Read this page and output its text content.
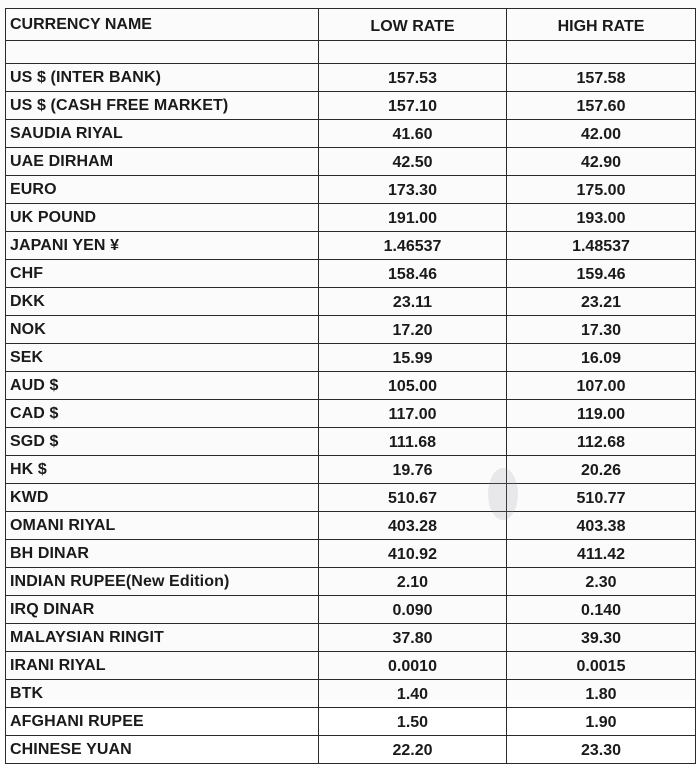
CURRENCY NAME	LOW RATE	HIGH RATE

US $ (INTER BANK)	157.53	157.58
US $ (CASH FREE MARKET)	157.10	157.60
SAUDIA RIYAL	41.60	42.00
UAE DIRHAM	42.50	42.90
EURO	173.30	175.00
UK POUND	191.00	193.00
JAPANI YEN ¥	1.46537	1.48537
CHF	158.46	159.46
DKK	23.11	23.21
NOK	17.20	17.30
SEK	15.99	16.09
AUD $	105.00	107.00
CAD $	117.00	119.00
SGD $	111.68	112.68
HK $	19.76	20.26
KWD	510.67	510.77
OMANI RIYAL	403.28	403.38
BH DINAR	410.92	411.42
INDIAN RUPEE(New Edition)	2.10	2.30
IRQ DINAR	0.090	0.140
MALAYSIAN RINGIT	37.80	39.30
IRANI RIYAL	0.0010	0.0015
BTK	1.40	1.80
AFGHANI RUPEE	1.50	1.90
CHINESE YUAN	22.20	23.30
